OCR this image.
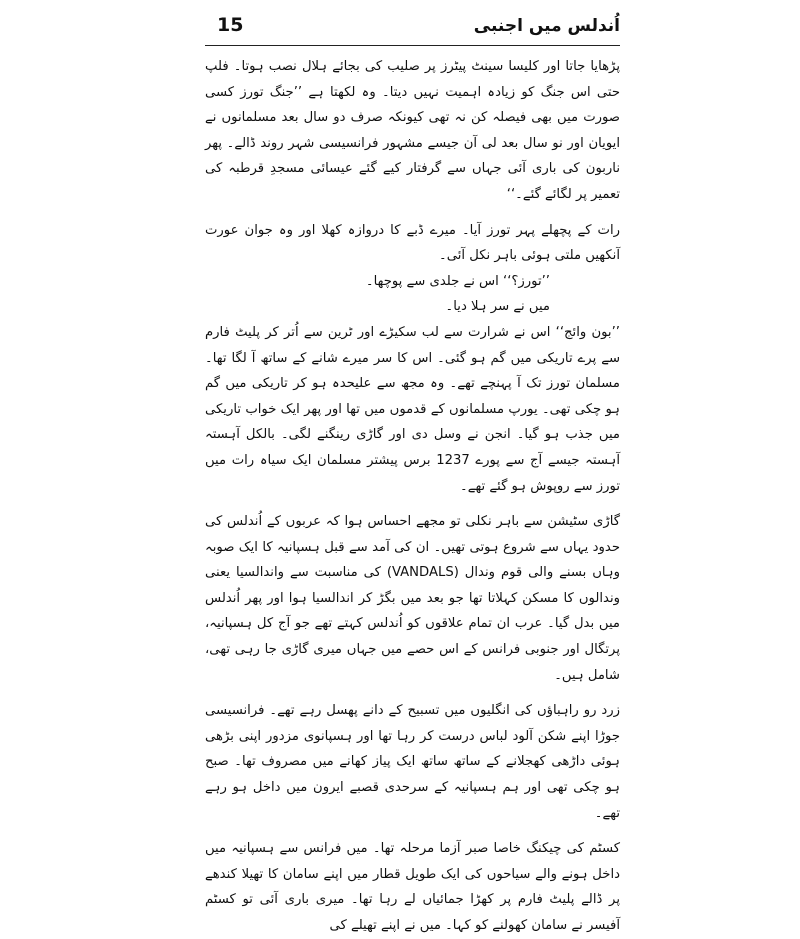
15	اُندلس میں اجنبی

پڑھایا جاتا اور کلیسا سینٹ پیٹرز پر صلیب کی بجائے ہلال نصب ہوتا۔ فلپ حتی اس جنگ کو زیادہ اہمیت نہیں دیتا۔ وہ لکھتا ہے ’’جنگ تورز کسی صورت میں بھی فیصلہ کن نہ تھی کیونکہ صرف دو سال بعد مسلمانوں نے ایویان اور نو سال بعد لی آن جیسے مشہور فرانسیسی شہر روند ڈالے۔ پھر ناربون کی باری آئی جہاں سے گرفتار کیے گئے عیسائی مسجدِ قرطبہ کی تعمیر پر لگائے گئے۔‘‘

رات کے پچھلے پہر تورز آیا۔ میرے ڈبے کا دروازہ کھلا اور وہ جوان عورت آنکھیں ملتی ہوئی باہر نکل آئی۔

’’تورز؟‘‘ اس نے جلدی سے پوچھا۔

میں نے سر ہلا دیا۔

’’بون وائج‘‘ اس نے شرارت سے لب سکیڑے اور ٹرین سے اُتر کر پلیٹ فارم سے پرے تاریکی میں گم ہو گئی۔ اس کا سر میرے شانے کے ساتھ آ لگا تھا۔ مسلمان تورز تک آ پہنچے تھے۔ وہ مجھ سے علیحدہ ہو کر تاریکی میں گم ہو چکی تھی۔ یورپ مسلمانوں کے قدموں میں تھا اور پھر ایک خواب تاریکی میں جذب ہو گیا۔ انجن نے وسل دی اور گاڑی رینگنے لگی۔ بالکل آہستہ آہستہ جیسے آج سے پورے 1237 برس پیشتر مسلمان ایک سیاہ رات میں تورز سے روپوش ہو گئے تھے۔

گاڑی سٹیشن سے باہر نکلی تو مجھے احساس ہوا کہ عربوں کے اُندلس کی حدود یہاں سے شروع ہوتی تھیں۔ ان کی آمد سے قبل ہسپانیہ کا ایک صوبہ وہاں بسنے والی قوم وندال (VANDALS) کی مناسبت سے واندالسیا یعنی وندالوں کا مسکن کہلاتا تھا جو بعد میں بگڑ کر اندالسیا ہوا اور پھر اُندلس میں بدل گیا۔ عرب ان تمام علاقوں کو اُندلس کہتے تھے جو آج کل ہسپانیہ، پرتگال اور جنوبی فرانس کے اس حصے میں جہاں میری گاڑی جا رہی تھی، شامل ہیں۔

زرد رو راہباؤں کی انگلیوں میں تسبیح کے دانے پھسل رہے تھے۔ فرانسیسی جوڑا اپنے شکن آلود لباس درست کر رہا تھا اور ہسپانوی مزدور اپنی بڑھی ہوئی داڑھی کھجلانے کے ساتھ ساتھ ایک پیاز کھانے میں مصروف تھا۔ صبح ہو چکی تھی اور ہم ہسپانیہ کے سرحدی قصبے ایرون میں داخل ہو رہے تھے۔

کسٹم کی چیکنگ خاصا صبر آزما مرحلہ تھا۔ میں فرانس سے ہسپانیہ میں داخل ہونے والے سیاحوں کی ایک طویل قطار میں اپنے سامان کا تھیلا کندھے پر ڈالے پلیٹ فارم پر کھڑا جمائیاں لے رہا تھا۔ میری باری آئی تو کسٹم آفیسر نے سامان کھولنے کو کہا۔ میں نے اپنے تھیلے کی
